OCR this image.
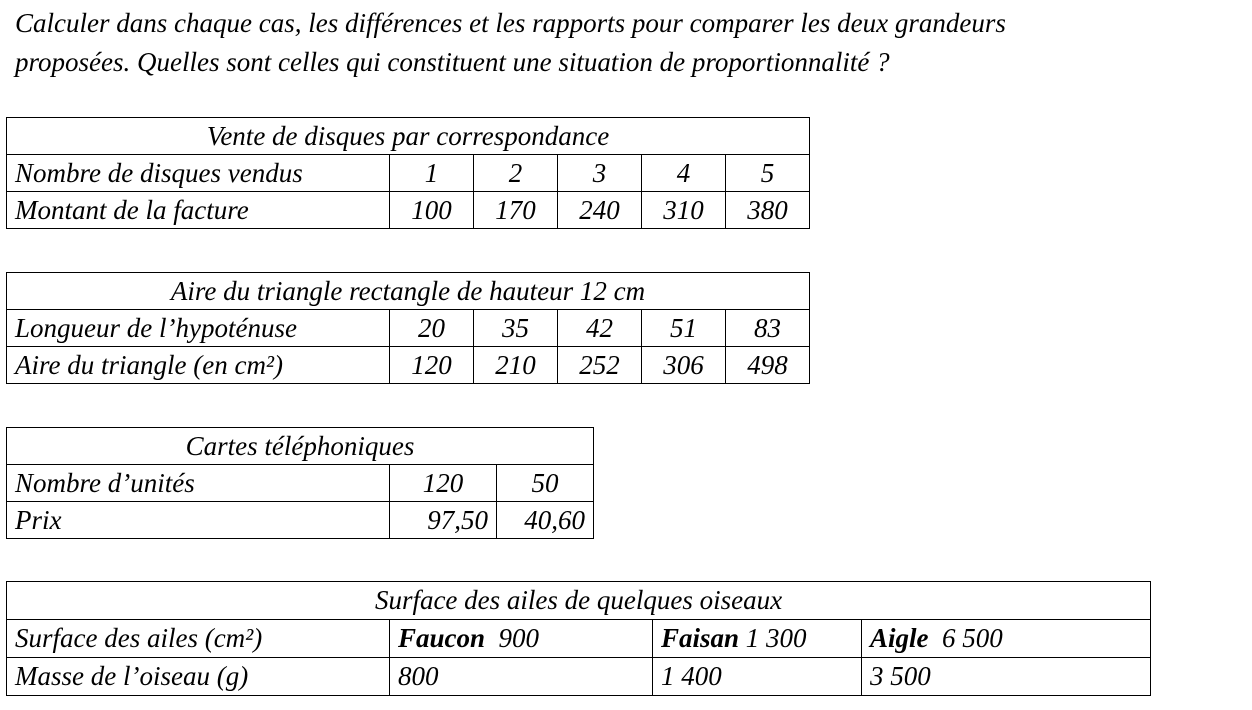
Calculer dans chaque cas, les différences et les rapports pour comparer les deux grandeurs

proposées. Quelles sont celles qui constituent une situation de proportionnalité ?

Vente de disques par correspondance					
Nombre de disques vendus	1	2	3	4	5
Montant de la facture	100	170	240	310	380
Aire du triangle rectangle de hauteur 12 cm					
Longueur de l’hypoténuse	20	35	42	51	83
Aire du triangle (en cm²)	120	210	252	306	498
Cartes téléphoniques		
Nombre d’unités	120	50
Prix	97,50	40,60
Surface des ailes de quelques oiseaux			
Surface des ailes (cm²)	Faucon 900	Faisan 1 300	Aigle 6 500
Masse de l’oiseau (g)	800	1 400	3 500
